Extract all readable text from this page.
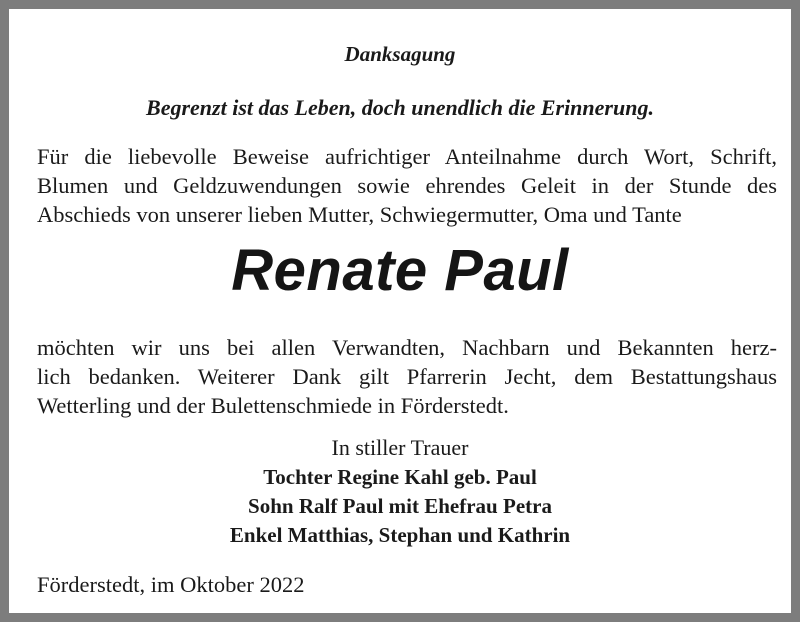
Danksagung
Begrenzt ist das Leben, doch unendlich die Erinnerung.
Für die liebevolle Beweise aufrichtiger Anteilnahme durch Wort, Schrift,
Blumen und Geldzuwendungen sowie ehrendes Geleit in der Stunde des
Abschieds von unserer lieben Mutter, Schwiegermutter, Oma und Tante
Renate Paul
möchten wir uns bei allen Verwandten, Nachbarn und Bekannten herz-
lich bedanken. Weiterer Dank gilt Pfarrerin Jecht, dem Bestattungshaus
Wetterling und der Bulettenschmiede in Förderstedt.
In stiller Trauer
Tochter Regine Kahl geb. Paul
Sohn Ralf Paul mit Ehefrau Petra
Enkel Matthias, Stephan und Kathrin
Förderstedt, im Oktober 2022
